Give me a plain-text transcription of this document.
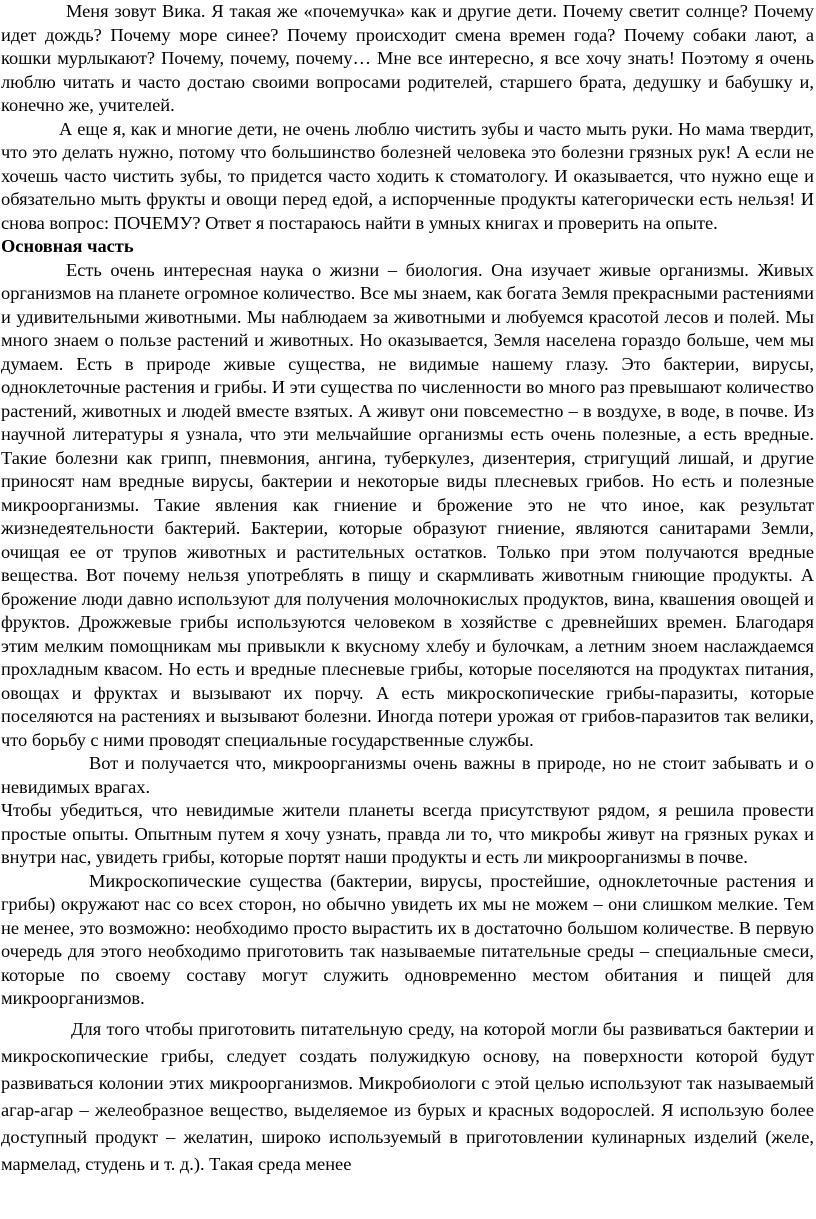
Меня зовут Вика. Я такая же «почемучка» как и другие дети. Почему светит солнце? Почему идет дождь? Почему море синее? Почему происходит смена времен года? Почему собаки лают, а кошки мурлыкают? Почему, почему, почему… Мне все интересно, я все хочу знать! Поэтому я очень люблю читать и часто достаю своими вопросами родителей, старшего брата, дедушку и бабушку и, конечно же, учителей.

А еще я, как и многие дети, не очень люблю чистить зубы и часто мыть руки. Но мама твердит, что это делать нужно, потому что большинство болезней человека это болезни грязных рук! А если не хочешь часто чистить зубы, то придется часто ходить к стоматологу. И оказывается, что нужно еще и обязательно мыть фрукты и овощи перед едой, а испорченные продукты категорически есть нельзя! И снова вопрос: ПОЧЕМУ? Ответ я постараюсь найти в умных книгах и проверить на опыте.

Основная часть

Есть очень интересная наука о жизни – биология. Она изучает живые организмы. Живых организмов на планете огромное количество. Все мы знаем, как богата Земля прекрасными растениями и удивительными животными. Мы наблюдаем за животными и любуемся красотой лесов и полей. Мы много знаем о пользе растений и животных. Но оказывается, Земля населена гораздо больше, чем мы думаем. Есть в природе живые существа, не видимые нашему глазу. Это бактерии, вирусы, одноклеточные растения и грибы. И эти существа по численности во много раз превышают количество растений, животных и людей вместе взятых. А живут они повсеместно – в воздухе, в воде, в почве. Из научной литературы я узнала, что эти мельчайшие организмы есть очень полезные, а есть вредные. Такие болезни как грипп, пневмония, ангина, туберкулез, дизентерия, стригущий лишай, и другие приносят нам вредные вирусы, бактерии и некоторые виды плесневых грибов. Но есть и полезные микроорганизмы. Такие явления как гниение и брожение это не что иное, как результат жизнедеятельности бактерий. Бактерии, которые образуют гниение, являются санитарами Земли, очищая ее от трупов животных и растительных остатков. Только при этом получаются вредные вещества. Вот почему нельзя употреблять в пищу и скармливать животным гниющие продукты. А брожение люди давно используют для получения молочнокислых продуктов, вина, квашения овощей и фруктов. Дрожжевые грибы используются человеком в хозяйстве с древнейших времен. Благодаря этим мелким помощникам мы привыкли к вкусному хлебу и булочкам, а летним зноем наслаждаемся прохладным квасом. Но есть и вредные плесневые грибы, которые поселяются на продуктах питания, овощах и фруктах и вызывают их порчу. А есть микроскопические грибы-паразиты, которые поселяются на растениях и вызывают болезни. Иногда потери урожая от грибов-паразитов так велики, что борьбу с ними проводят специальные государственные службы.

Вот и получается что, микроорганизмы очень важны в природе, но не стоит забывать и о невидимых врагах.

Чтобы убедиться, что невидимые жители планеты всегда присутствуют рядом, я решила провести простые опыты. Опытным путем я хочу узнать, правда ли то, что микробы живут на грязных руках и внутри нас, увидеть грибы, которые портят наши продукты и есть ли микроорганизмы в почве.

Микроскопические существа (бактерии, вирусы, простейшие, одноклеточные растения и грибы) окружают нас со всех сторон, но обычно увидеть их мы не можем – они слишком мелкие. Тем не менее, это возможно: необходимо просто вырастить их в достаточно большом количестве. В первую очередь для этого необходимо приготовить так называемые питательные среды – специальные смеси, которые по своему составу могут служить одновременно местом обитания и пищей для микроорганизмов.

Для того чтобы приготовить питательную среду, на которой могли бы развиваться бактерии и микроскопические грибы, следует создать полужидкую основу, на поверхности которой будут развиваться колонии этих микроорганизмов. Микробиологи с этой целью используют так называемый агар-агар – желеобразное вещество, выделяемое из бурых и красных водорослей. Я использую более доступный продукт – желатин, широко используемый в приготовлении кулинарных изделий (желе, мармелад, студень и т. д.). Такая среда менее
